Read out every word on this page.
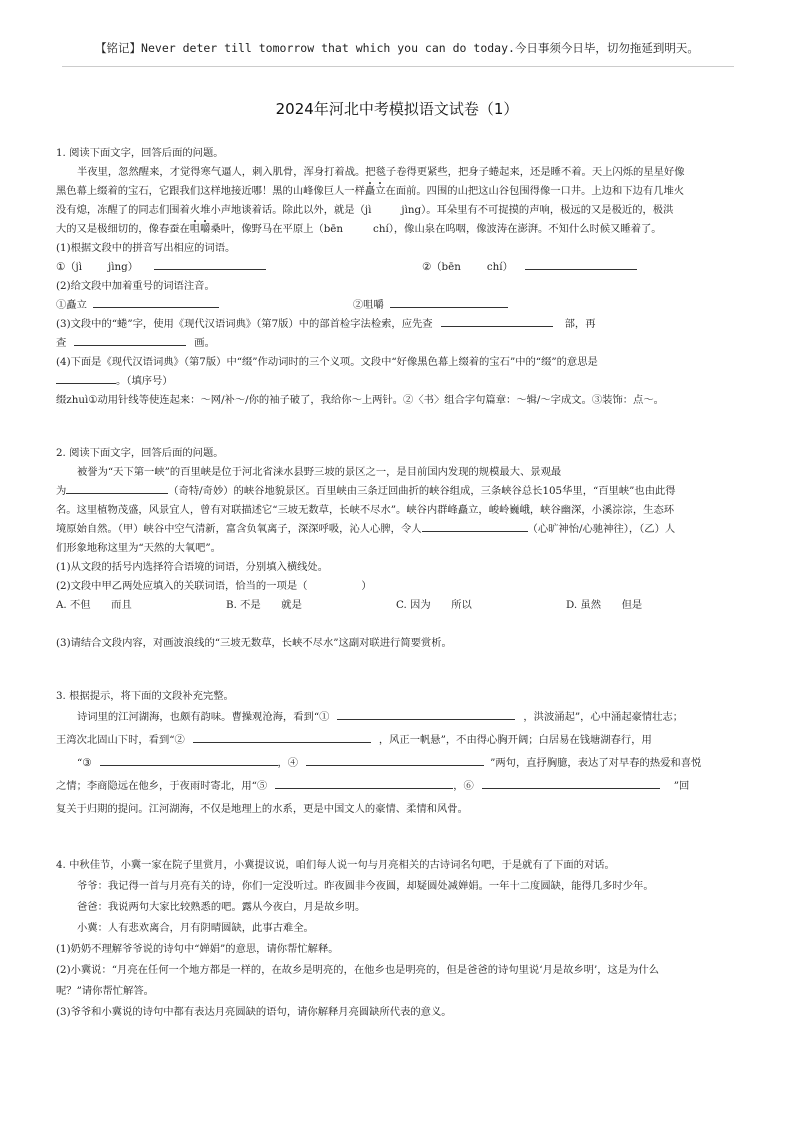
【铭记】Never deter till tomorrow that which you can do today.今日事须今日毕，切勿拖延到明天。
2024年河北中考模拟语文试卷（1）

1. 阅读下面文字，回答后面的问题。

半夜里，忽然醒来，才觉得寒气逼人，刺入肌骨，浑身打着战。把毯子卷得更紧些，把身子蜷起来，还是睡不着。天上闪烁的星星好像

黑色幕上缀着的宝石，它跟我们这样地接近哪！黑的山峰像巨人一样矗立在面前。四围的山把这山谷包围得像一口井。上边和下边有几堆火

没有熄，冻醒了的同志们围着火堆小声地谈着话。除此以外，就是（jì	jìng）。耳朵里有不可捉摸的声响，极远的又是极近的，极洪

大的又是极细切的，像春蚕在咀嚼桑叶，像野马在平原上（bēn	chí），像山泉在呜咽，像波涛在澎湃。不知什么时候又睡着了。

(1)根据文段中的拼音写出相应的词语。

①（jì	jìng）	②（bēn	chí）

(2)给文段中加着重号的词语注音。

①矗立	②咀嚼

(3)文段中的“蜷”字，使用《现代汉语词典》（第7版）中的部首检字法检索，应先查	部，再

查	画。

(4)下面是《现代汉语词典》（第7版）中“缀”作动词时的三个义项。文段中“好像黑色幕上缀着的宝石”中的“缀”的意思是

。（填序号）

缀zhuì①动用针线等使连起来：～网/补～/你的袖子破了，我给你～上两针。②〈书〉组合字句篇章：～辑/～字成文。③装饰：点～。

2. 阅读下面文字，回答后面的问题。

被誉为“天下第一峡”的百里峡是位于河北省涞水县野三坡的景区之一，是目前国内发现的规模最大、景观最

为	（奇特/奇妙）的峡谷地貌景区。百里峡由三条迂回曲折的峡谷组成，三条峡谷总长105华里，“百里峡”也由此得

名。这里植物茂盛，风景宜人，曾有对联描述它“三坡无数草，长峡不尽水”。峡谷内群峰矗立，峻岭巍峨，峡谷幽深，小溪淙淙，生态环

境原始自然。（甲）峡谷中空气清新，富含负氧离子，深深呼吸，沁人心脾，令人	（心旷神怡/心驰神往），（乙）人

们形象地称这里为“天然的大氧吧”。

(1)从文段的括号内选择符合语境的词语，分别填入横线处。

(2)文段中甲乙两处应填入的关联词语，恰当的一项是（	）

A. 不但　　而且	B. 不是　　就是	C. 因为　　所以	D. 虽然　　但是

(3)请结合文段内容，对画波浪线的“三坡无数草，长峡不尽水”这副对联进行简要赏析。

3. 根据提示，将下面的文段补充完整。

诗词里的江河湖海，也颇有韵味。曹操观沧海，看到“①	，洪波涌起”，心中涌起豪情壮志；

王湾次北固山下时，看到“②	，风正一帆悬”，不由得心胸开阔；白居易在钱塘湖春行，用

“③	，④	”两句，直抒胸臆，表达了对早春的热爱和喜悦

之情；李商隐远在他乡，于夜雨时寄北，用“⑤	，⑥	”回

复关于归期的提问。江河湖海，不仅是地理上的水系，更是中国文人的豪情、柔情和风骨。

4. 中秋佳节，小冀一家在院子里赏月，小冀提议说，咱们每人说一句与月亮相关的古诗词名句吧，于是就有了下面的对话。

爷爷：我记得一首与月亮有关的诗，你们一定没听过。昨夜圆非今夜圆，却疑圆处减婵娟。一年十二度圆缺，能得几多时少年。

爸爸：我说两句大家比较熟悉的吧。露从今夜白，月是故乡明。

小冀：人有悲欢离合，月有阴晴圆缺，此事古难全。

(1)奶奶不理解爷爷说的诗句中“婵娟”的意思，请你帮忙解释。

(2)小冀说：“月亮在任何一个地方都是一样的，在故乡是明亮的，在他乡也是明亮的，但是爸爸的诗句里说‘月是故乡明’，这是为什么

呢？”请你帮忙解答。

(3)爷爷和小冀说的诗句中都有表达月亮圆缺的语句，请你解释月亮圆缺所代表的意义。
